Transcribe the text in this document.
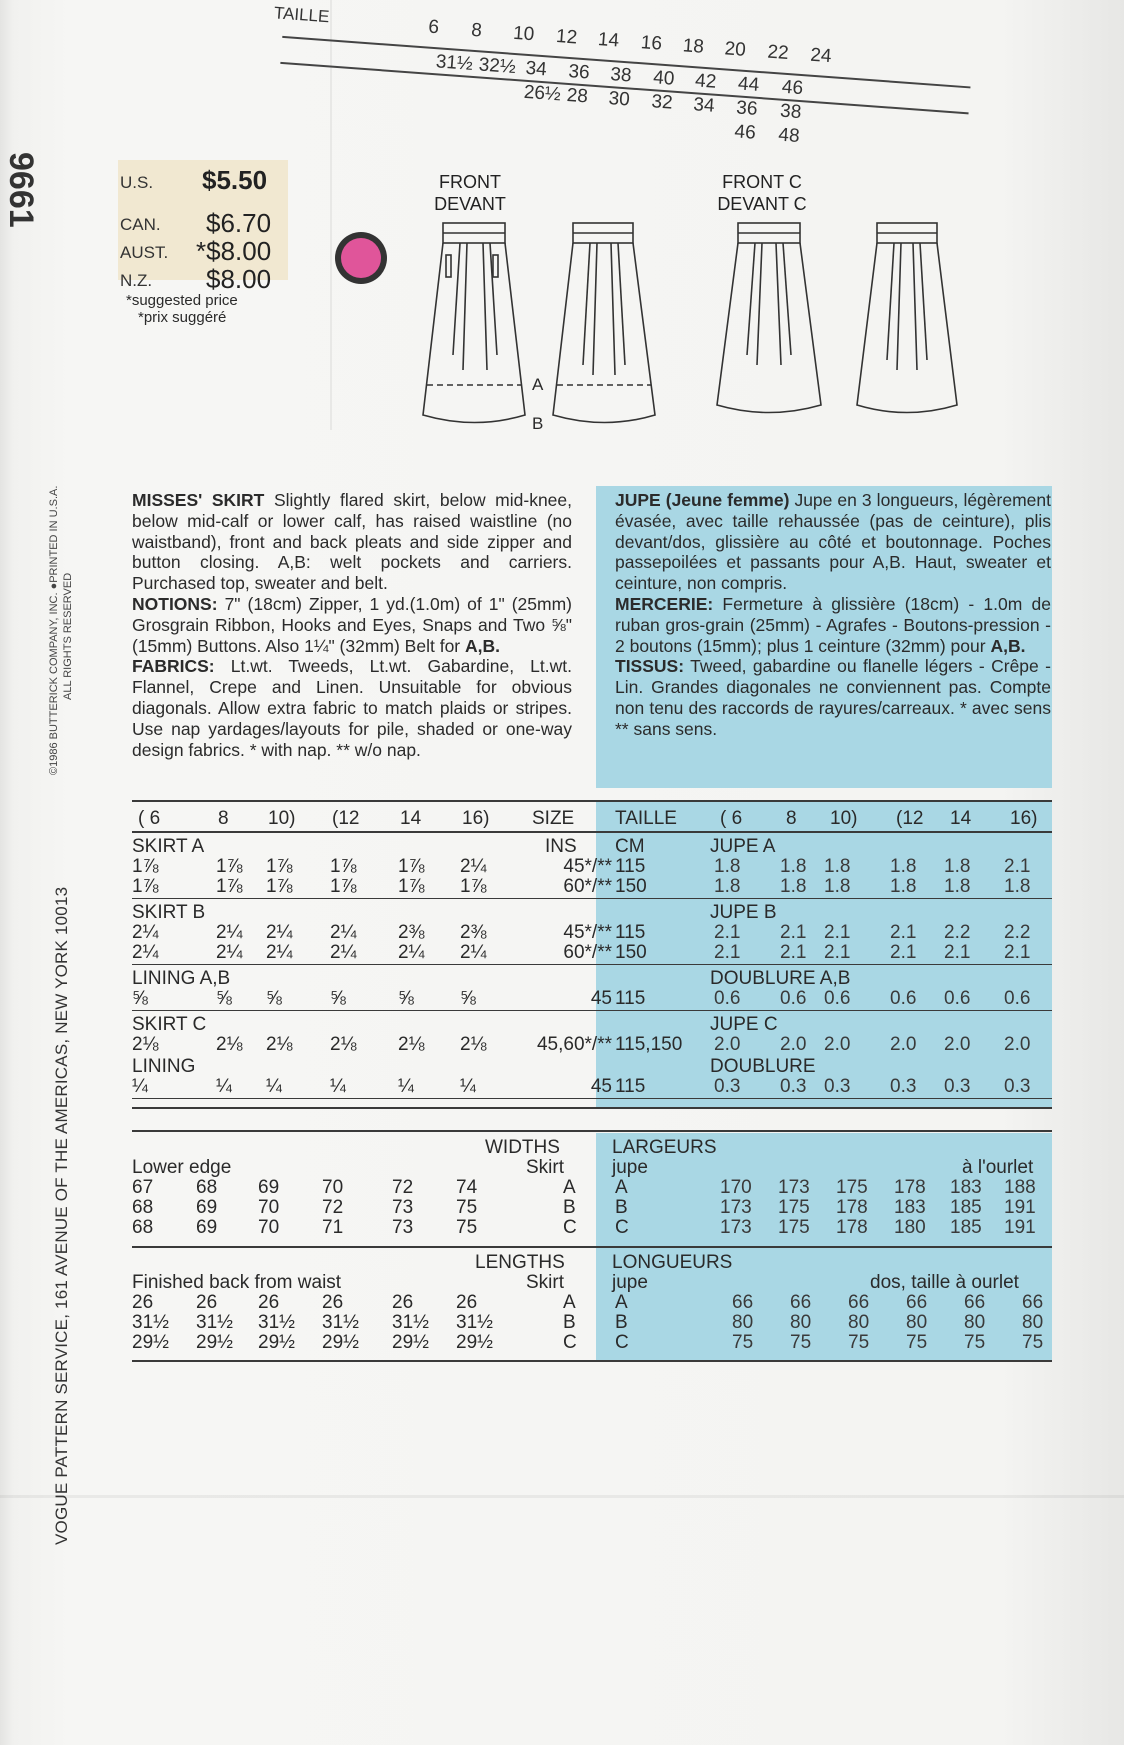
TAILLE
6 8 10 12 14 16 18 20 22 24
31½ 32½ 34 36 38 40 42 44 46
26½ 28 30 32 34 36 38
46 48
9661
VOGUE PATTERN SERVICE, 161 AVENUE OF THE AMERICAS, NEW YORK 10013
©1986 BUTTERICK COMPANY, INC. ●PRINTED IN U.S.A. ALL RIGHTS RESERVED
U.S. $5.50
CAN. $6.70
AUST. *$8.00
N.Z. $8.00
*suggested price
*prix suggéré
FRONT
DEVANT
FRONT C
DEVANT C
A
B
MISSES' SKIRT Slightly flared skirt, below mid-knee, below mid-calf or lower calf, has raised waistline (no waistband), front and back pleats and side zipper and button closing. A,B: welt pockets and carriers. Purchased top, sweater and belt.
NOTIONS: 7" (18cm) Zipper, 1 yd.(1.0m) of 1" (25mm) Grosgrain Ribbon, Hooks and Eyes, Snaps and Two ⅝" (15mm) Buttons. Also 1¼" (32mm) Belt for A,B.
FABRICS: Lt.wt. Tweeds, Lt.wt. Gabardine, Lt.wt. Flannel, Crepe and Linen. Unsuitable for obvious diagonals. Allow extra fabric to match plaids or stripes. Use nap yardages/layouts for pile, shaded or one-way design fabrics. * with nap. ** w/o nap.
JUPE (Jeune femme) Jupe en 3 longueurs, légèrement évasée, avec taille rehaussée (pas de ceinture), plis devant/dos, glissière au côté et boutonnage. Poches passepoilées et passants pour A,B. Haut, sweater et ceinture, non compris.
MERCERIE: Fermeture à glissière (18cm) - 1.0m de ruban gros-grain (25mm) - Agrafes - Boutons-pression - 2 boutons (15mm); plus 1 ceinture (32mm) pour A,B.
TISSUS: Tweed, gabardine ou flanelle légers - Crêpe - Lin. Grandes diagonales ne conviennent pas. Compte non tenu des raccords de rayures/carreaux. * avec sens ** sans sens.
( 6	8 10) (12 14 16) SIZE TAILLE ( 6 8 10) (12 14 16)
SKIRT A	JUPE A
INS CM
1⅞	1⅞ 1⅞ 1⅞ 1⅞ 2¼	45*/** 115	1.8 1.8 1.8 1.8 1.8 2.1
1⅞	1⅞ 1⅞ 1⅞ 1⅞ 1⅞	60*/** 150	1.8 1.8 1.8 1.8 1.8 1.8
SKIRT B	JUPE B
2¼	2¼ 2¼ 2¼ 2⅜ 2⅜	45*/** 115	2.1 2.1 2.1 2.1 2.2 2.2
2¼	2¼ 2¼ 2¼ 2¼ 2¼	60*/** 150	2.1 2.1 2.1 2.1 2.1 2.1
LINING A,B	DOUBLURE A,B
⅝	⅝ ⅝	⅝	⅝ ⅝	45 115	0.6 0.6 0.6 0.6 0.6 0.6
SKIRT C	JUPE C
2⅛	2⅛ 2⅛ 2⅛ 2⅛ 2⅛	45,60*/** 115,150 2.0 2.0 2.0 2.0 2.0 2.0
LINING	DOUBLURE
¼	¼ ¼	¼	¼ ¼	45 115	0.3 0.3 0.3 0.3 0.3 0.3
WIDTHS	LARGEURS
Lower edge	Skirt	jupe	à l'ourlet
67 68 69 70	72 74	A A	170 173 175 178 183 188
68 69 70 72	73 75	B B	173 175 178 183 185 191
68 69 70 71	73 75	C C	173 175 178 180 185 191
LENGTHS LONGUEURS
Finished back from waist	Skirt	jupe	dos, taille à ourlet
26 26 26 26	26 26	A A	66 66 66 66 66 66
31½ 31½ 31½ 31½ 31½ 31½	B B	80 80 80 80 80 80
29½ 29½ 29½ 29½ 29½ 29½	C C	75 75 75 75 75 75
